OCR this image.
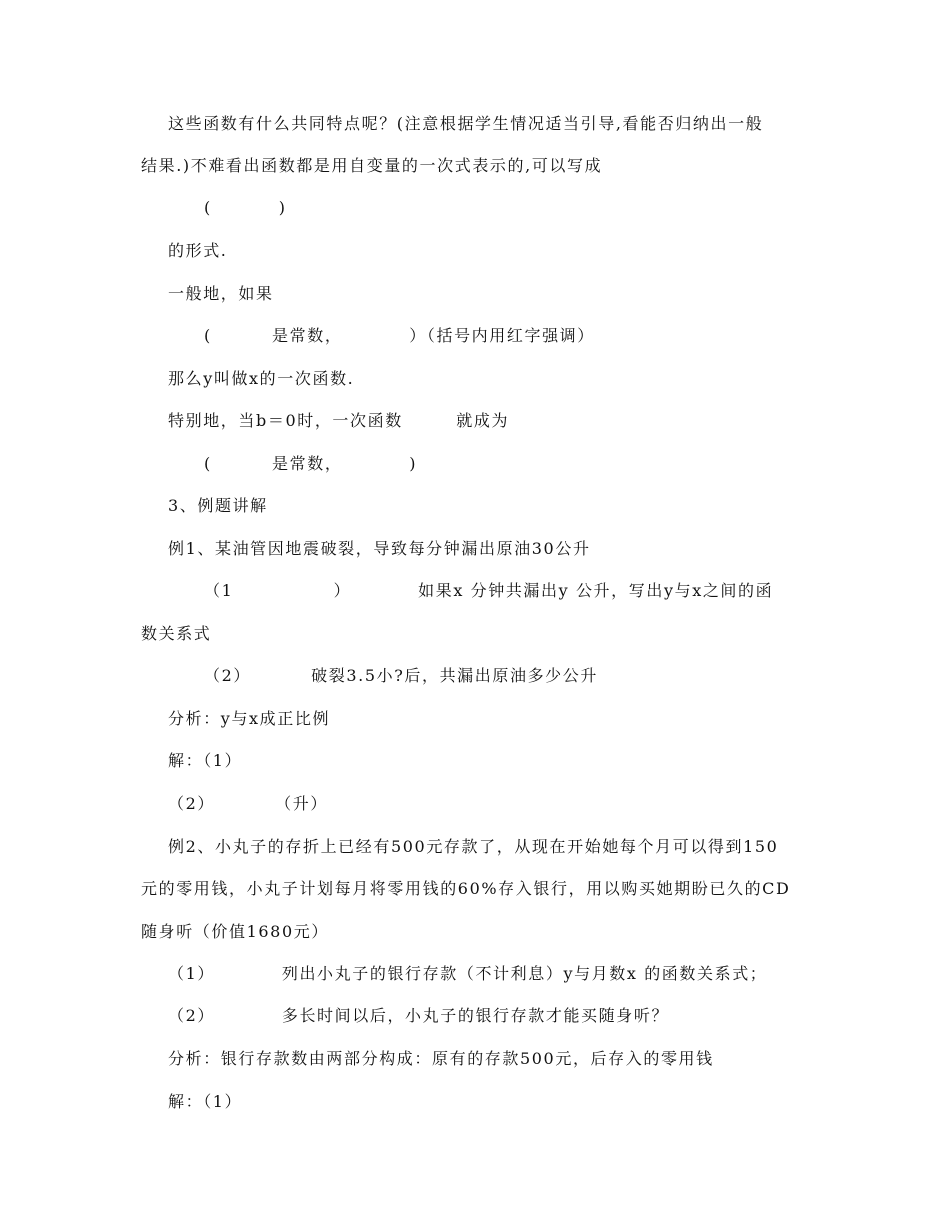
这些函数有什么共同特点呢？(注意根据学生情况适当引导,看能否归纳出一般
结果.)不难看出函数都是用自变量的一次式表示的,可以写成
(          )
的形式.
一般地，如果
(         是常数，          ）（括号内用红字强调）
那么y叫做x的一次函数.
特别地，当b＝0时，一次函数        就成为
(         是常数，          )
3、例题讲解
例1、某油管因地震破裂，导致每分钟漏出原油30公升
（1               ）          如果x 分钟共漏出y 公升，写出y与x之间的函
数关系式
（2）         破裂3.5小?后，共漏出原油多少公升
分析：y与x成正比例
解：（1）
（2）         （升）
例2、小丸子的存折上已经有500元存款了，从现在开始她每个月可以得到150
元的零用钱，小丸子计划每月将零用钱的60%存入银行，用以购买她期盼已久的CD
随身听（价值1680元）
（1）          列出小丸子的银行存款（不计利息）y与月数x 的函数关系式；
（2）          多长时间以后，小丸子的银行存款才能买随身听？
分析：银行存款数由两部分构成：原有的存款500元，后存入的零用钱
解：（1）
